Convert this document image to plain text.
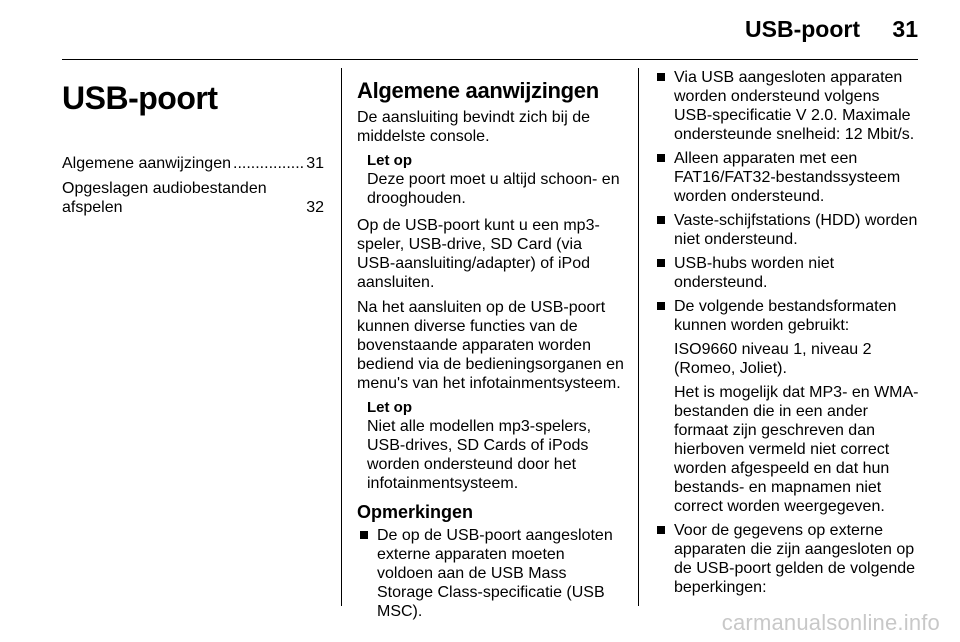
USB-poort 31
USB-poort
Algemene aanwijzingen
.....	31
Opgeslagen audiobestanden afspelen	32
Algemene aanwijzingen

De aansluiting bevindt zich bij de middelste console.

Let op
Deze poort moet u altijd schoon- en drooghouden.

Op de USB-poort kunt u een mp3-speler, USB-drive, SD Card (via USB-aansluiting/adapter) of iPod aansluiten.

Na het aansluiten op de USB-poort kunnen diverse functies van de bovenstaande apparaten worden bediend via de bedieningsorganen en menu's van het infotainmentsysteem.

Let op
Niet alle modellen mp3-spelers, USB-drives, SD Cards of iPods worden ondersteund door het infotainmentsysteem.
Opmerkingen
De op de USB-poort aangesloten externe apparaten moeten voldoen aan de USB Mass Storage Class-specificatie (USB MSC).
Via USB aangesloten apparaten worden ondersteund volgens USB-specificatie V 2.0. Maximale ondersteunde snelheid: 12 Mbit/s.
Alleen apparaten met een FAT16/FAT32-bestandssysteem worden ondersteund.
Vaste-schijfstations (HDD) worden niet ondersteund.
USB-hubs worden niet ondersteund.
De volgende bestandsformaten kunnen worden gebruikt:
ISO9660 niveau 1, niveau 2 (Romeo, Joliet).
Het is mogelijk dat MP3- en WMA-bestanden die in een ander formaat zijn geschreven dan hierboven vermeld niet correct worden afgespeeld en dat hun bestands- en mapnamen niet correct worden weergegeven.
Voor de gegevens op externe apparaten die zijn aangesloten op de USB-poort gelden de volgende beperkingen:
carmanualsonline.info
